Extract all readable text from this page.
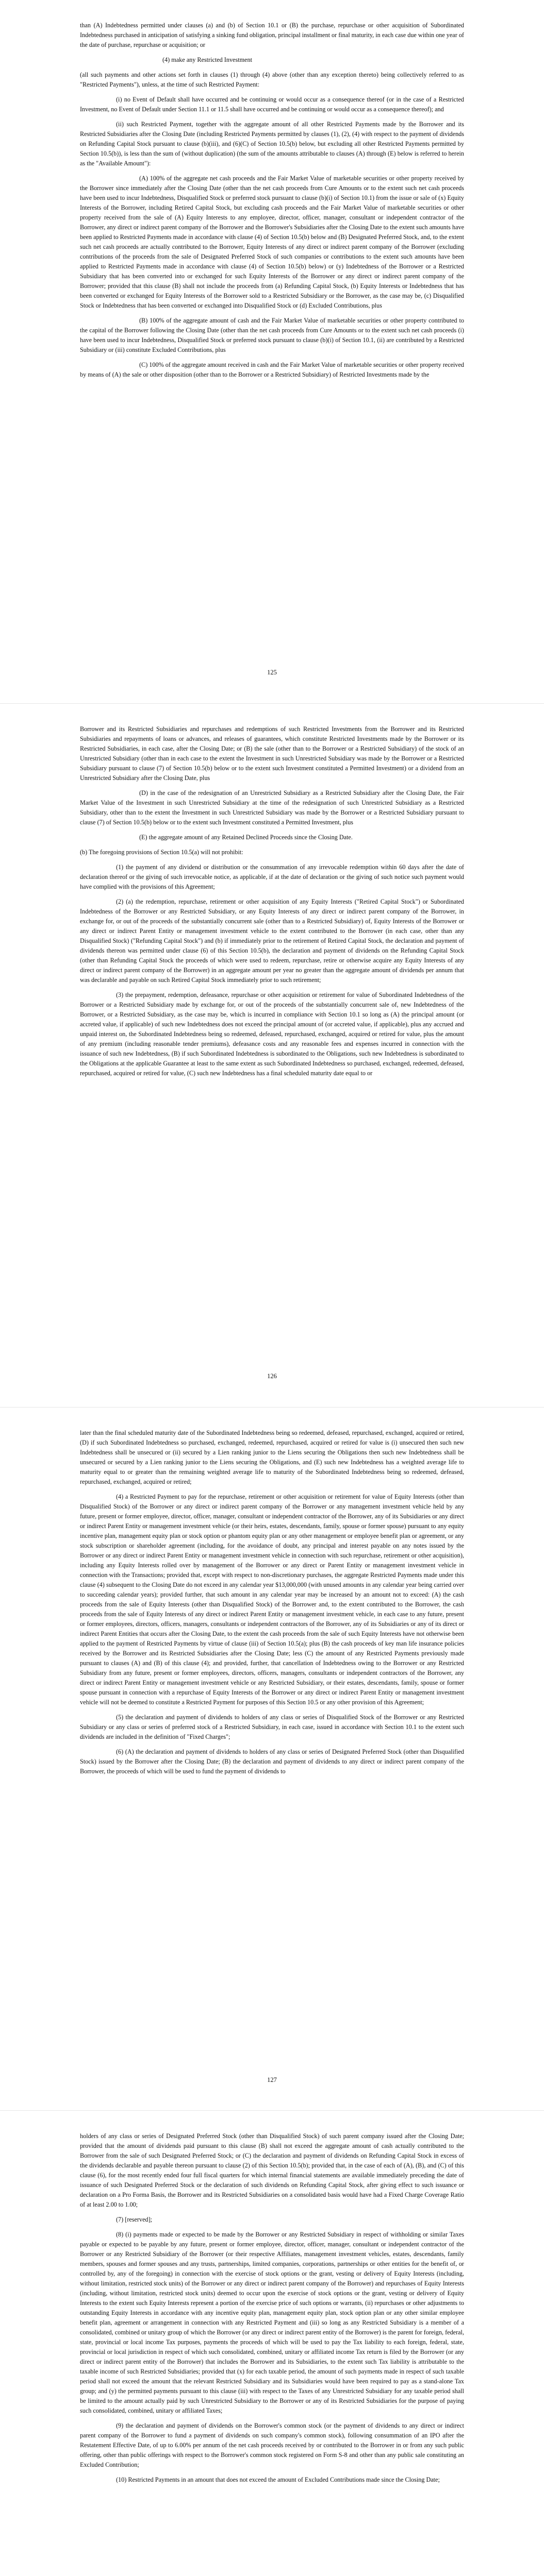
than (A) Indebtedness permitted under clauses (a) and (b) of Section 10.1 or (B) the purchase, repurchase or other acquisition of Subordinated Indebtedness purchased in anticipation of satisfying a sinking fund obligation, principal installment or final maturity, in each case due within one year of the date of purchase, repurchase or acquisition; or

(4) make any Restricted Investment

(all such payments and other actions set forth in clauses (1) through (4) above (other than any exception thereto) being collectively referred to as "Restricted Payments"), unless, at the time of such Restricted Payment:

(i) no Event of Default shall have occurred and be continuing or would occur as a consequence thereof (or in the case of a Restricted Investment, no Event of Default under Section 11.1 or 11.5 shall have occurred and be continuing or would occur as a consequence thereof); and

(ii) such Restricted Payment, together with the aggregate amount of all other Restricted Payments made by the Borrower and its Restricted Subsidiaries after the Closing Date (including Restricted Payments permitted by clauses (1), (2), (4) with respect to the payment of dividends on Refunding Capital Stock pursuant to clause (b)(iii), and (6)(C) of Section 10.5(b) below, but excluding all other Restricted Payments permitted by Section 10.5(b)), is less than the sum of (without duplication) (the sum of the amounts attributable to clauses (A) through (E) below is referred to herein as the "Available Amount"):

(A) 100% of the aggregate net cash proceeds and the Fair Market Value of marketable securities or other property received by the Borrower since immediately after the Closing Date (other than the net cash proceeds from Cure Amounts or to the extent such net cash proceeds have been used to incur Indebtedness, Disqualified Stock or preferred stock pursuant to clause (b)(i) of Section 10.1) from the issue or sale of (x) Equity Interests of the Borrower, including Retired Capital Stock, but excluding cash proceeds and the Fair Market Value of marketable securities or other property received from the sale of (A) Equity Interests to any employee, director, officer, manager, consultant or independent contractor of the Borrower, any direct or indirect parent company of the Borrower and the Borrower's Subsidiaries after the Closing Date to the extent such amounts have been applied to Restricted Payments made in accordance with clause (4) of Section 10.5(b) below and (B) Designated Preferred Stock, and, to the extent such net cash proceeds are actually contributed to the Borrower, Equity Interests of any direct or indirect parent company of the Borrower (excluding contributions of the proceeds from the sale of Designated Preferred Stock of such companies or contributions to the extent such amounts have been applied to Restricted Payments made in accordance with clause (4) of Section 10.5(b) below) or (y) Indebtedness of the Borrower or a Restricted Subsidiary that has been converted into or exchanged for such Equity Interests of the Borrower or any direct or indirect parent company of the Borrower; provided that this clause (B) shall not include the proceeds from (a) Refunding Capital Stock, (b) Equity Interests or Indebtedness that has been converted or exchanged for Equity Interests of the Borrower sold to a Restricted Subsidiary or the Borrower, as the case may be, (c) Disqualified Stock or Indebtedness that has been converted or exchanged into Disqualified Stock or (d) Excluded Contributions, plus

(B) 100% of the aggregate amount of cash and the Fair Market Value of marketable securities or other property contributed to the capital of the Borrower following the Closing Date (other than the net cash proceeds from Cure Amounts or to the extent such net cash proceeds (i) have been used to incur Indebtedness, Disqualified Stock or preferred stock pursuant to clause (b)(i) of Section 10.1, (ii) are contributed by a Restricted Subsidiary or (iii) constitute Excluded Contributions, plus

(C) 100% of the aggregate amount received in cash and the Fair Market Value of marketable securities or other property received by means of (A) the sale or other disposition (other than to the Borrower or a Restricted Subsidiary) of Restricted Investments made by the

125

Borrower and its Restricted Subsidiaries and repurchases and redemptions of such Restricted Investments from the Borrower and its Restricted Subsidiaries and repayments of loans or advances, and releases of guarantees, which constitute Restricted Investments made by the Borrower or its Restricted Subsidiaries, in each case, after the Closing Date; or (B) the sale (other than to the Borrower or a Restricted Subsidiary) of the stock of an Unrestricted Subsidiary (other than in each case to the extent the Investment in such Unrestricted Subsidiary was made by the Borrower or a Restricted Subsidiary pursuant to clause (7) of Section 10.5(b) below or to the extent such Investment constituted a Permitted Investment) or a dividend from an Unrestricted Subsidiary after the Closing Date, plus

(D) in the case of the redesignation of an Unrestricted Subsidiary as a Restricted Subsidiary after the Closing Date, the Fair Market Value of the Investment in such Unrestricted Subsidiary at the time of the redesignation of such Unrestricted Subsidiary as a Restricted Subsidiary, other than to the extent the Investment in such Unrestricted Subsidiary was made by the Borrower or a Restricted Subsidiary pursuant to clause (7) of Section 10.5(b) below or to the extent such Investment constituted a Permitted Investment, plus

(E) the aggregate amount of any Retained Declined Proceeds since the Closing Date.

(b) The foregoing provisions of Section 10.5(a) will not prohibit:

(1) the payment of any dividend or distribution or the consummation of any irrevocable redemption within 60 days after the date of declaration thereof or the giving of such irrevocable notice, as applicable, if at the date of declaration or the giving of such notice such payment would have complied with the provisions of this Agreement;

(2) (a) the redemption, repurchase, retirement or other acquisition of any Equity Interests ("Retired Capital Stock") or Subordinated Indebtedness of the Borrower or any Restricted Subsidiary, or any Equity Interests of any direct or indirect parent company of the Borrower, in exchange for, or out of the proceeds of the substantially concurrent sale (other than to a Restricted Subsidiary) of, Equity Interests of the Borrower or any direct or indirect Parent Entity or management investment vehicle to the extent contributed to the Borrower (in each case, other than any Disqualified Stock) ("Refunding Capital Stock") and (b) if immediately prior to the retirement of Retired Capital Stock, the declaration and payment of dividends thereon was permitted under clause (6) of this Section 10.5(b), the declaration and payment of dividends on the Refunding Capital Stock (other than Refunding Capital Stock the proceeds of which were used to redeem, repurchase, retire or otherwise acquire any Equity Interests of any direct or indirect parent company of the Borrower) in an aggregate amount per year no greater than the aggregate amount of dividends per annum that was declarable and payable on such Retired Capital Stock immediately prior to such retirement;

(3) the prepayment, redemption, defeasance, repurchase or other acquisition or retirement for value of Subordinated Indebtedness of the Borrower or a Restricted Subsidiary made by exchange for, or out of the proceeds of the substantially concurrent sale of, new Indebtedness of the Borrower, or a Restricted Subsidiary, as the case may be, which is incurred in compliance with Section 10.1 so long as (A) the principal amount (or accreted value, if applicable) of such new Indebtedness does not exceed the principal amount of (or accreted value, if applicable), plus any accrued and unpaid interest on, the Subordinated Indebtedness being so redeemed, defeased, repurchased, exchanged, acquired or retired for value, plus the amount of any premium (including reasonable tender premiums), defeasance costs and any reasonable fees and expenses incurred in connection with the issuance of such new Indebtedness, (B) if such Subordinated Indebtedness is subordinated to the Obligations, such new Indebtedness is subordinated to the Obligations at the applicable Guarantee at least to the same extent as such Subordinated Indebtedness so purchased, exchanged, redeemed, defeased, repurchased, acquired or retired for value, (C) such new Indebtedness has a final scheduled maturity date equal to or

126

later than the final scheduled maturity date of the Subordinated Indebtedness being so redeemed, defeased, repurchased, exchanged, acquired or retired, (D) if such Subordinated Indebtedness so purchased, exchanged, redeemed, repurchased, acquired or retired for value is (i) unsecured then such new Indebtedness shall be unsecured or (ii) secured by a Lien ranking junior to the Liens securing the Obligations then such new Indebtedness shall be unsecured or secured by a Lien ranking junior to the Liens securing the Obligations, and (E) such new Indebtedness has a weighted average life to maturity equal to or greater than the remaining weighted average life to maturity of the Subordinated Indebtedness being so redeemed, defeased, repurchased, exchanged, acquired or retired;

(4) a Restricted Payment to pay for the repurchase, retirement or other acquisition or retirement for value of Equity Interests (other than Disqualified Stock) of the Borrower or any direct or indirect parent company of the Borrower or any management investment vehicle held by any future, present or former employee, director, officer, manager, consultant or independent contractor of the Borrower, any of its Subsidiaries or any direct or indirect Parent Entity or management investment vehicle (or their heirs, estates, descendants, family, spouse or former spouse) pursuant to any equity incentive plan, management equity plan or stock option or phantom equity plan or any other management or employee benefit plan or agreement, or any stock subscription or shareholder agreement (including, for the avoidance of doubt, any principal and interest payable on any notes issued by the Borrower or any direct or indirect Parent Entity or management investment vehicle in connection with such repurchase, retirement or other acquisition), including any Equity Interests rolled over by management of the Borrower or any direct or Parent Entity or management investment vehicle in connection with the Transactions; provided that, except with respect to non-discretionary purchases, the aggregate Restricted Payments made under this clause (4) subsequent to the Closing Date do not exceed in any calendar year $13,000,000 (with unused amounts in any calendar year being carried over to succeeding calendar years); provided further, that such amount in any calendar year may be increased by an amount not to exceed: (A) the cash proceeds from the sale of Equity Interests (other than Disqualified Stock) of the Borrower and, to the extent contributed to the Borrower, the cash proceeds from the sale of Equity Interests of any direct or indirect Parent Entity or management investment vehicle, in each case to any future, present or former employees, directors, officers, managers, consultants or independent contractors of the Borrower, any of its Subsidiaries or any of its direct or indirect Parent Entities that occurs after the Closing Date, to the extent the cash proceeds from the sale of such Equity Interests have not otherwise been applied to the payment of Restricted Payments by virtue of clause (iii) of Section 10.5(a); plus (B) the cash proceeds of key man life insurance policies received by the Borrower and its Restricted Subsidiaries after the Closing Date; less (C) the amount of any Restricted Payments previously made pursuant to clauses (A) and (B) of this clause (4); and provided, further, that cancellation of Indebtedness owing to the Borrower or any Restricted Subsidiary from any future, present or former employees, directors, officers, managers, consultants or independent contractors of the Borrower, any direct or indirect Parent Entity or management investment vehicle or any Restricted Subsidiary, or their estates, descendants, family, spouse or former spouse pursuant in connection with a repurchase of Equity Interests of the Borrower or any direct or indirect Parent Entity or management investment vehicle will not be deemed to constitute a Restricted Payment for purposes of this Section 10.5 or any other provision of this Agreement;

(5) the declaration and payment of dividends to holders of any class or series of Disqualified Stock of the Borrower or any Restricted Subsidiary or any class or series of preferred stock of a Restricted Subsidiary, in each case, issued in accordance with Section 10.1 to the extent such dividends are included in the definition of "Fixed Charges";

(6) (A) the declaration and payment of dividends to holders of any class or series of Designated Preferred Stock (other than Disqualified Stock) issued by the Borrower after the Closing Date; (B) the declaration and payment of dividends to any direct or indirect parent company of the Borrower, the proceeds of which will be used to fund the payment of dividends to

127

holders of any class or series of Designated Preferred Stock (other than Disqualified Stock) of such parent company issued after the Closing Date; provided that the amount of dividends paid pursuant to this clause (B) shall not exceed the aggregate amount of cash actually contributed to the Borrower from the sale of such Designated Preferred Stock; or (C) the declaration and payment of dividends on Refunding Capital Stock in excess of the dividends declarable and payable thereon pursuant to clause (2) of this Section 10.5(b); provided that, in the case of each of (A), (B), and (C) of this clause (6), for the most recently ended four full fiscal quarters for which internal financial statements are available immediately preceding the date of issuance of such Designated Preferred Stock or the declaration of such dividends on Refunding Capital Stock, after giving effect to such issuance or declaration on a Pro Forma Basis, the Borrower and its Restricted Subsidiaries on a consolidated basis would have had a Fixed Charge Coverage Ratio of at least 2.00 to 1.00;

(7) [reserved];

(8) (i) payments made or expected to be made by the Borrower or any Restricted Subsidiary in respect of withholding or similar Taxes payable or expected to be payable by any future, present or former employee, director, officer, manager, consultant or independent contractor of the Borrower or any Restricted Subsidiary of the Borrower (or their respective Affiliates, management investment vehicles, estates, descendants, family members, spouses and former spouses and any trusts, partnerships, limited companies, corporations, partnerships or other entities for the benefit of, or controlled by, any of the foregoing) in connection with the exercise of stock options or the grant, vesting or delivery of Equity Interests (including, without limitation, restricted stock units) of the Borrower or any direct or indirect parent company of the Borrower) and repurchases of Equity Interests (including, without limitation, restricted stock units) deemed to occur upon the exercise of stock options or the grant, vesting or delivery of Equity Interests to the extent such Equity Interests represent a portion of the exercise price of such options or warrants, (ii) repurchases or other adjustments to outstanding Equity Interests in accordance with any incentive equity plan, management equity plan, stock option plan or any other similar employee benefit plan, agreement or arrangement in connection with any Restricted Payment and (iii) so long as any Restricted Subsidiary is a member of a consolidated, combined or unitary group of which the Borrower (or any direct or indirect parent entity of the Borrower) is the parent for foreign, federal, state, provincial or local income Tax purposes, payments the proceeds of which will be used to pay the Tax liability to each foreign, federal, state, provincial or local jurisdiction in respect of which such consolidated, combined, unitary or affiliated income Tax return is filed by the Borrower (or any direct or indirect parent entity of the Borrower) that includes the Borrower and its Subsidiaries, to the extent such Tax liability is attributable to the taxable income of such Restricted Subsidiaries; provided that (x) for each taxable period, the amount of such payments made in respect of such taxable period shall not exceed the amount that the relevant Restricted Subsidiary and its Subsidiaries would have been required to pay as a stand-alone Tax group; and (y) the permitted payments pursuant to this clause (iii) with respect to the Taxes of any Unrestricted Subsidiary for any taxable period shall be limited to the amount actually paid by such Unrestricted Subsidiary to the Borrower or any of its Restricted Subsidiaries for the purpose of paying such consolidated, combined, unitary or affiliated Taxes;

(9) the declaration and payment of dividends on the Borrower's common stock (or the payment of dividends to any direct or indirect parent company of the Borrower to fund a payment of dividends on such company's common stock), following consummation of an IPO after the Restatement Effective Date, of up to 6.00% per annum of the net cash proceeds received by or contributed to the Borrower in or from any such public offering, other than public offerings with respect to the Borrower's common stock registered on Form S-8 and other than any public sale constituting an Excluded Contribution;

(10) Restricted Payments in an amount that does not exceed the amount of Excluded Contributions made since the Closing Date;
